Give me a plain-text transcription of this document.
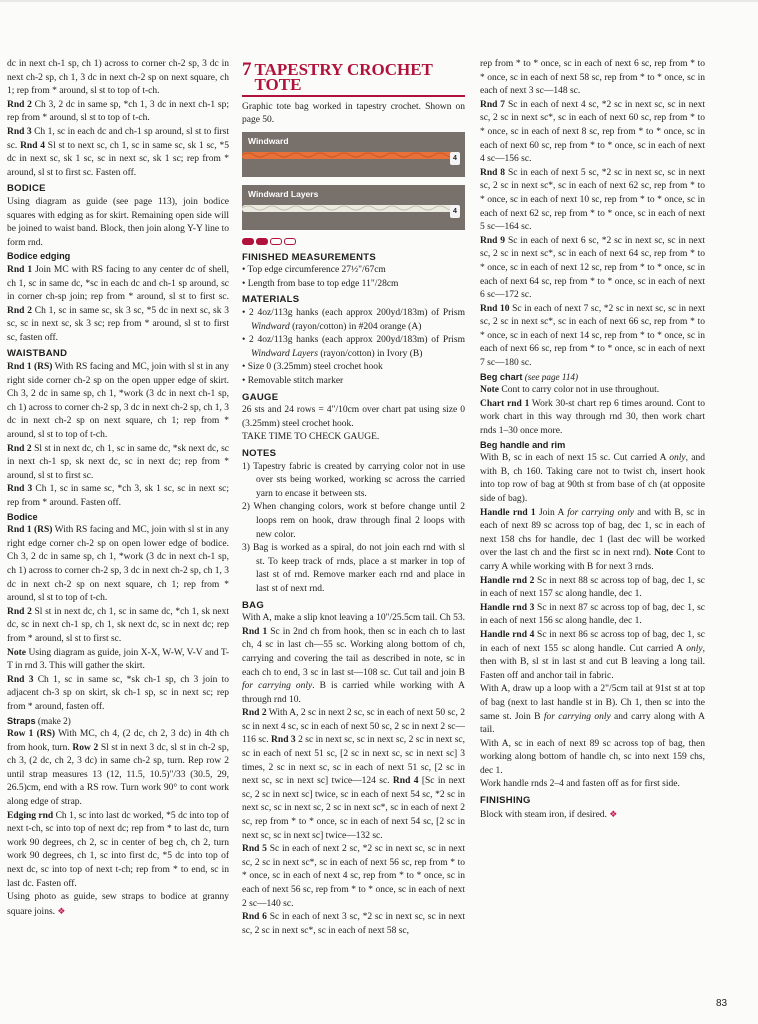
dc in next ch-1 sp, ch 1) across to corner ch-2 sp, 3 dc in next ch-2 sp, ch 1, 3 dc in next ch-2 sp on next square, ch 1; rep from * around, sl st to top of t-ch.

Rnd 2 Ch 3, 2 dc in same sp, *ch 1, 3 dc in next ch-1 sp; rep from * around, sl st to top of t-ch.

Rnd 3 Ch 1, sc in each dc and ch-1 sp around, sl st to first sc. Rnd 4 Sl st to next sc, ch 1, sc in same sc, sk 1 sc, *5 dc in next sc, sk 1 sc, sc in next sc, sk 1 sc; rep from * around, sl st to first sc. Fasten off.

BODICE

Using diagram as guide (see page 113), join bodice squares with edging as for skirt. Remaining open side will be joined to waist band. Block, then join along Y-Y line to form rnd.

Bodice edging

Rnd 1 Join MC with RS facing to any center dc of shell, ch 1, sc in same dc, *sc in each dc and ch-1 sp around, sc in corner ch-sp join; rep from * around, sl st to first sc. Rnd 2 Ch 1, sc in same sc, sk 3 sc, *5 dc in next sc, sk 3 sc, sc in next sc, sk 3 sc; rep from * around, sl st to first sc, fasten off.

WAISTBAND

Rnd 1 (RS) With RS facing and MC, join with sl st in any right side corner ch-2 sp on the open upper edge of skirt. Ch 3, 2 dc in same sp, ch 1, *work (3 dc in next ch-1 sp, ch 1) across to corner ch-2 sp, 3 dc in next ch-2 sp, ch 1, 3 dc in next ch-2 sp on next square, ch 1; rep from * around, sl st to top of t-ch.

Rnd 2 Sl st in next dc, ch 1, sc in same dc, *sk next dc, sc in next ch-1 sp, sk next dc, sc in next dc; rep from * around, sl st to first sc.

Rnd 3 Ch 1, sc in same sc, *ch 3, sk 1 sc, sc in next sc; rep from * around. Fasten off.

Bodice

Rnd 1 (RS) With RS facing and MC, join with sl st in any right edge corner ch-2 sp on open lower edge of bodice. Ch 3, 2 dc in same sp, ch 1, *work (3 dc in next ch-1 sp, ch 1) across to corner ch-2 sp, 3 dc in next ch-2 sp, ch 1, 3 dc in next ch-2 sp on next square, ch 1; rep from * around, sl st to top of t-ch.

Rnd 2 Sl st in next dc, ch 1, sc in same dc, *ch 1, sk next dc, sc in next ch-1 sp, ch 1, sk next dc, sc in next dc; rep from * around, sl st to first sc.

Note Using diagram as guide, join X-X, W-W, V-V and T-T in rnd 3. This will gather the skirt.

Rnd 3 Ch 1, sc in same sc, *sk ch-1 sp, ch 3 join to adjacent ch-3 sp on skirt, sk ch-1 sp, sc in next sc; rep from * around, fasten off.

Straps (make 2)

Row 1 (RS) With MC, ch 4, (2 dc, ch 2, 3 dc) in 4th ch from hook, turn. Row 2 Sl st in next 3 dc, sl st in ch-2 sp, ch 3, (2 dc, ch 2, 3 dc) in same ch-2 sp, turn. Rep row 2 until strap measures 13 (12, 11.5, 10.5)"/33 (30.5, 29, 26.5)cm, end with a RS row. Turn work 90° to cont work along edge of strap.

Edging rnd Ch 1, sc into last dc worked, *5 dc into top of next t-ch, sc into top of next dc; rep from * to last dc, turn work 90 degrees, ch 2, sc in center of beg ch, ch 2, turn work 90 degrees, ch 1, sc into first dc, *5 dc into top of next dc, sc into top of next t-ch; rep from * to end, sc in last dc. Fasten off.

Using photo as guide, sew straps to bodice at granny square joins. ❖

7 TAPESTRY CROCHET
TOTE

Graphic tote bag worked in tapestry crochet. Shown on page 50.

Windward
4
Windward Layers
4
FINISHED MEASUREMENTS

• Top edge circumference 27½"/67cm

• Length from base to top edge 11"/28cm

MATERIALS

• 2 4oz/113g hanks (each approx 200yd/183m) of Prism Windward (rayon/cotton) in #204 orange (A)

• 2 4oz/113g hanks (each approx 200yd/183m) of Prism Windward Layers (rayon/cotton) in Ivory (B)

• Size 0 (3.25mm) steel crochet hook

• Removable stitch marker

GAUGE

26 sts and 24 rows = 4"/10cm over chart pat using size 0 (3.25mm) steel crochet hook.

TAKE TIME TO CHECK GAUGE.

NOTES

1) Tapestry fabric is created by carrying color not in use over sts being worked, working sc across the carried yarn to encase it between sts.

2) When changing colors, work st before change until 2 loops rem on hook, draw through final 2 loops with new color.

3) Bag is worked as a spiral, do not join each rnd with sl st. To keep track of rnds, place a st marker in top of last st of rnd. Remove marker each rnd and place in last st of next rnd.

BAG

With A, make a slip knot leaving a 10"/25.5cm tail. Ch 53. Rnd 1 Sc in 2nd ch from hook, then sc in each ch to last ch, 4 sc in last ch—55 sc. Working along bottom of ch, carrying and covering the tail as described in note, sc in each ch to end, 3 sc in last st—108 sc. Cut tail and join B for carrying only. B is carried while working with A through rnd 10.

Rnd 2 With A, 2 sc in next 2 sc, sc in each of next 50 sc, 2 sc in next 4 sc, sc in each of next 50 sc, 2 sc in next 2 sc—116 sc. Rnd 3 2 sc in next sc, sc in next sc, 2 sc in next sc, sc in each of next 51 sc, [2 sc in next sc, sc in next sc] 3 times, 2 sc in next sc, sc in each of next 51 sc, [2 sc in next sc, sc in next sc] twice—124 sc. Rnd 4 [Sc in next sc, 2 sc in next sc] twice, sc in each of next 54 sc, *2 sc in next sc, sc in next sc, 2 sc in next sc*, sc in each of next 2 sc, rep from * to * once, sc in each of next 54 sc, [2 sc in next sc, sc in next sc] twice—132 sc.

Rnd 5 Sc in each of next 2 sc, *2 sc in next sc, sc in next sc, 2 sc in next sc*, sc in each of next 56 sc, rep from * to * once, sc in each of next 4 sc, rep from * to * once, sc in each of next 56 sc, rep from * to * once, sc in each of next 2 sc—140 sc.

Rnd 6 Sc in each of next 3 sc, *2 sc in next sc, sc in next sc, 2 sc in next sc*, sc in each of next 58 sc,

rep from * to * once, sc in each of next 6 sc, rep from * to * once, sc in each of next 58 sc, rep from * to * once, sc in each of next 3 sc—148 sc.

Rnd 7 Sc in each of next 4 sc, *2 sc in next sc, sc in next sc, 2 sc in next sc*, sc in each of next 60 sc, rep from * to * once, sc in each of next 8 sc, rep from * to * once, sc in each of next 60 sc, rep from * to * once, sc in each of next 4 sc—156 sc.

Rnd 8 Sc in each of next 5 sc, *2 sc in next sc, sc in next sc, 2 sc in next sc*, sc in each of next 62 sc, rep from * to * once, sc in each of next 10 sc, rep from * to * once, sc in each of next 62 sc, rep from * to * once, sc in each of next 5 sc—164 sc.

Rnd 9 Sc in each of next 6 sc, *2 sc in next sc, sc in next sc, 2 sc in next sc*, sc in each of next 64 sc, rep from * to * once, sc in each of next 12 sc, rep from * to * once, sc in each of next 64 sc, rep from * to * once, sc in each of next 6 sc—172 sc.

Rnd 10 Sc in each of next 7 sc, *2 sc in next sc, sc in next sc, 2 sc in next sc*, sc in each of next 66 sc, rep from * to * once, sc in each of next 14 sc, rep from * to * once, sc in each of next 66 sc, rep from * to * once, sc in each of next 7 sc—180 sc.

Beg chart (see page 114)

Note Cont to carry color not in use throughout.

Chart rnd 1 Work 30-st chart rep 6 times around. Cont to work chart in this way through rnd 30, then work chart rnds 1–30 once more.

Beg handle and rim

With B, sc in each of next 15 sc. Cut carried A only, and with B, ch 160. Taking care not to twist ch, insert hook into top row of bag at 90th st from base of ch (at opposite side of bag).

Handle rnd 1 Join A for carrying only and with B, sc in each of next 89 sc across top of bag, dec 1, sc in each of next 158 chs for handle, dec 1 (last dec will be worked over the last ch and the first sc in next rnd). Note Cont to carry A while working with B for next 3 rnds.

Handle rnd 2 Sc in next 88 sc across top of bag, dec 1, sc in each of next 157 sc along handle, dec 1.

Handle rnd 3 Sc in next 87 sc across top of bag, dec 1, sc in each of next 156 sc along handle, dec 1.

Handle rnd 4 Sc in next 86 sc across top of bag, dec 1, sc in each of next 155 sc along handle. Cut carried A only, then with B, sl st in last st and cut B leaving a long tail. Fasten off and anchor tail in fabric.

With A, draw up a loop with a 2"/5cm tail at 91st st at top of bag (next to last handle st in B). Ch 1, then sc into the same st. Join B for carrying only and carry along with A tail.

With A, sc in each of next 89 sc across top of bag, then working along bottom of handle ch, sc into next 159 chs, dec 1.

Work handle rnds 2–4 and fasten off as for first side.

FINISHING

Block with steam iron, if desired. ❖

83
